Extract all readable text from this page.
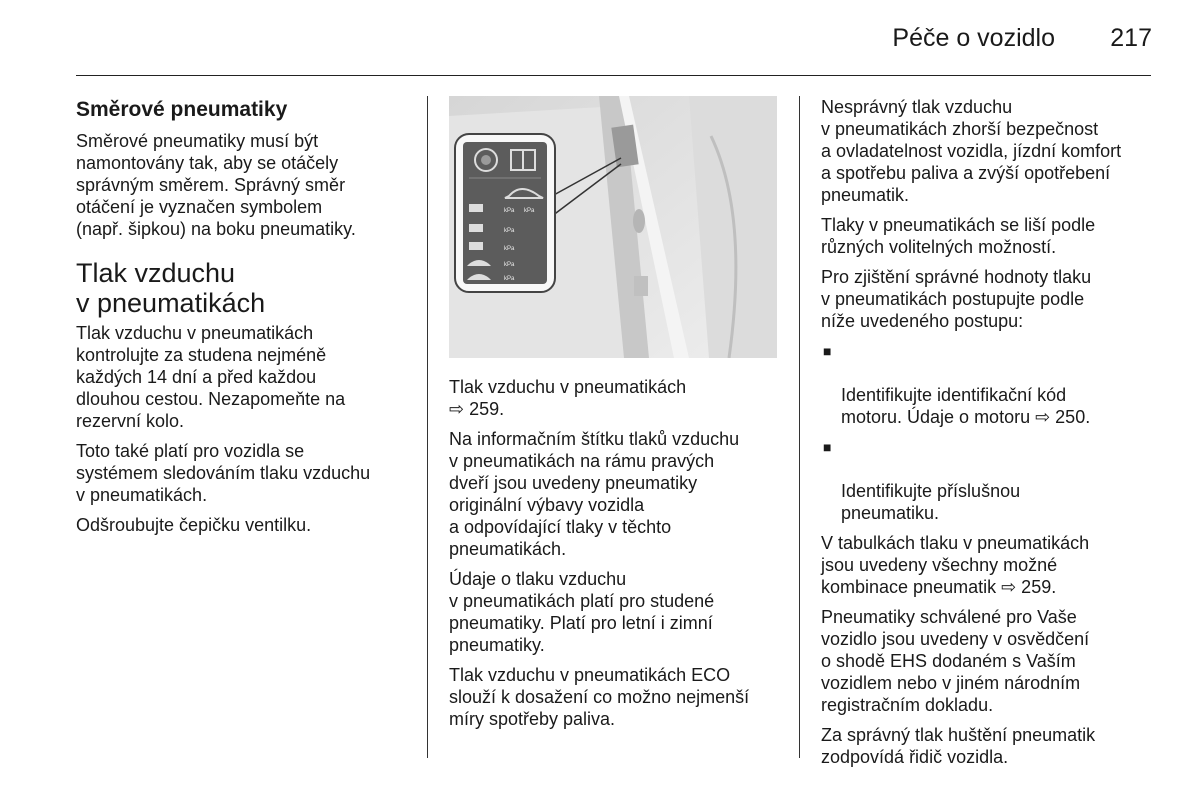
Péče o vozidlo	217

Směrové pneumatiky

Směrové pneumatiky musí být
namontovány tak, aby se otáčely
správným směrem. Správný směr
otáčení je vyznačen symbolem
(např. šipkou) na boku pneumatiky.

Tlak vzduchu
v pneumatikách

Tlak vzduchu v pneumatikách
kontrolujte za studena nejméně
každých 14 dní a před každou
dlouhou cestou. Nezapomeňte na
rezervní kolo.

Toto také platí pro vozidla se
systémem sledováním tlaku vzduchu
v pneumatikách.

Odšroubujte čepičku ventilku.

kPa
kPa
kPa
kPa
kPa
kPa

Tlak vzduchu v pneumatikách
⇨ 259.

Na informačním štítku tlaků vzduchu
v pneumatikách na rámu pravých
dveří jsou uvedeny pneumatiky
originální výbavy vozidla
a odpovídající tlaky v těchto
pneumatikách.

Údaje o tlaku vzduchu
v pneumatikách platí pro studené
pneumatiky. Platí pro letní i zimní
pneumatiky.

Tlak vzduchu v pneumatikách ECO
slouží k dosažení co možno nejmenší
míry spotřeby paliva.

Nesprávný tlak vzduchu
v pneumatikách zhorší bezpečnost
a ovladatelnost vozidla, jízdní komfort
a spotřebu paliva a zvýší opotřebení
pneumatik.

Tlaky v pneumatikách se liší podle
různých volitelných možností.

Pro zjištění správné hodnoty tlaku
v pneumatikách postupujte podle
níže uvedeného postupu:

■

Identifikujte identifikační kód
motoru. Údaje o motoru ⇨ 250.

■

Identifikujte příslušnou
pneumatiku.

V tabulkách tlaku v pneumatikách
jsou uvedeny všechny možné
kombinace pneumatik ⇨ 259.

Pneumatiky schválené pro Vaše
vozidlo jsou uvedeny v osvědčení
o shodě EHS dodaném s Vaším
vozidlem nebo v jiném národním
registračním dokladu.

Za správný tlak huštění pneumatik
zodpovídá řidič vozidla.
